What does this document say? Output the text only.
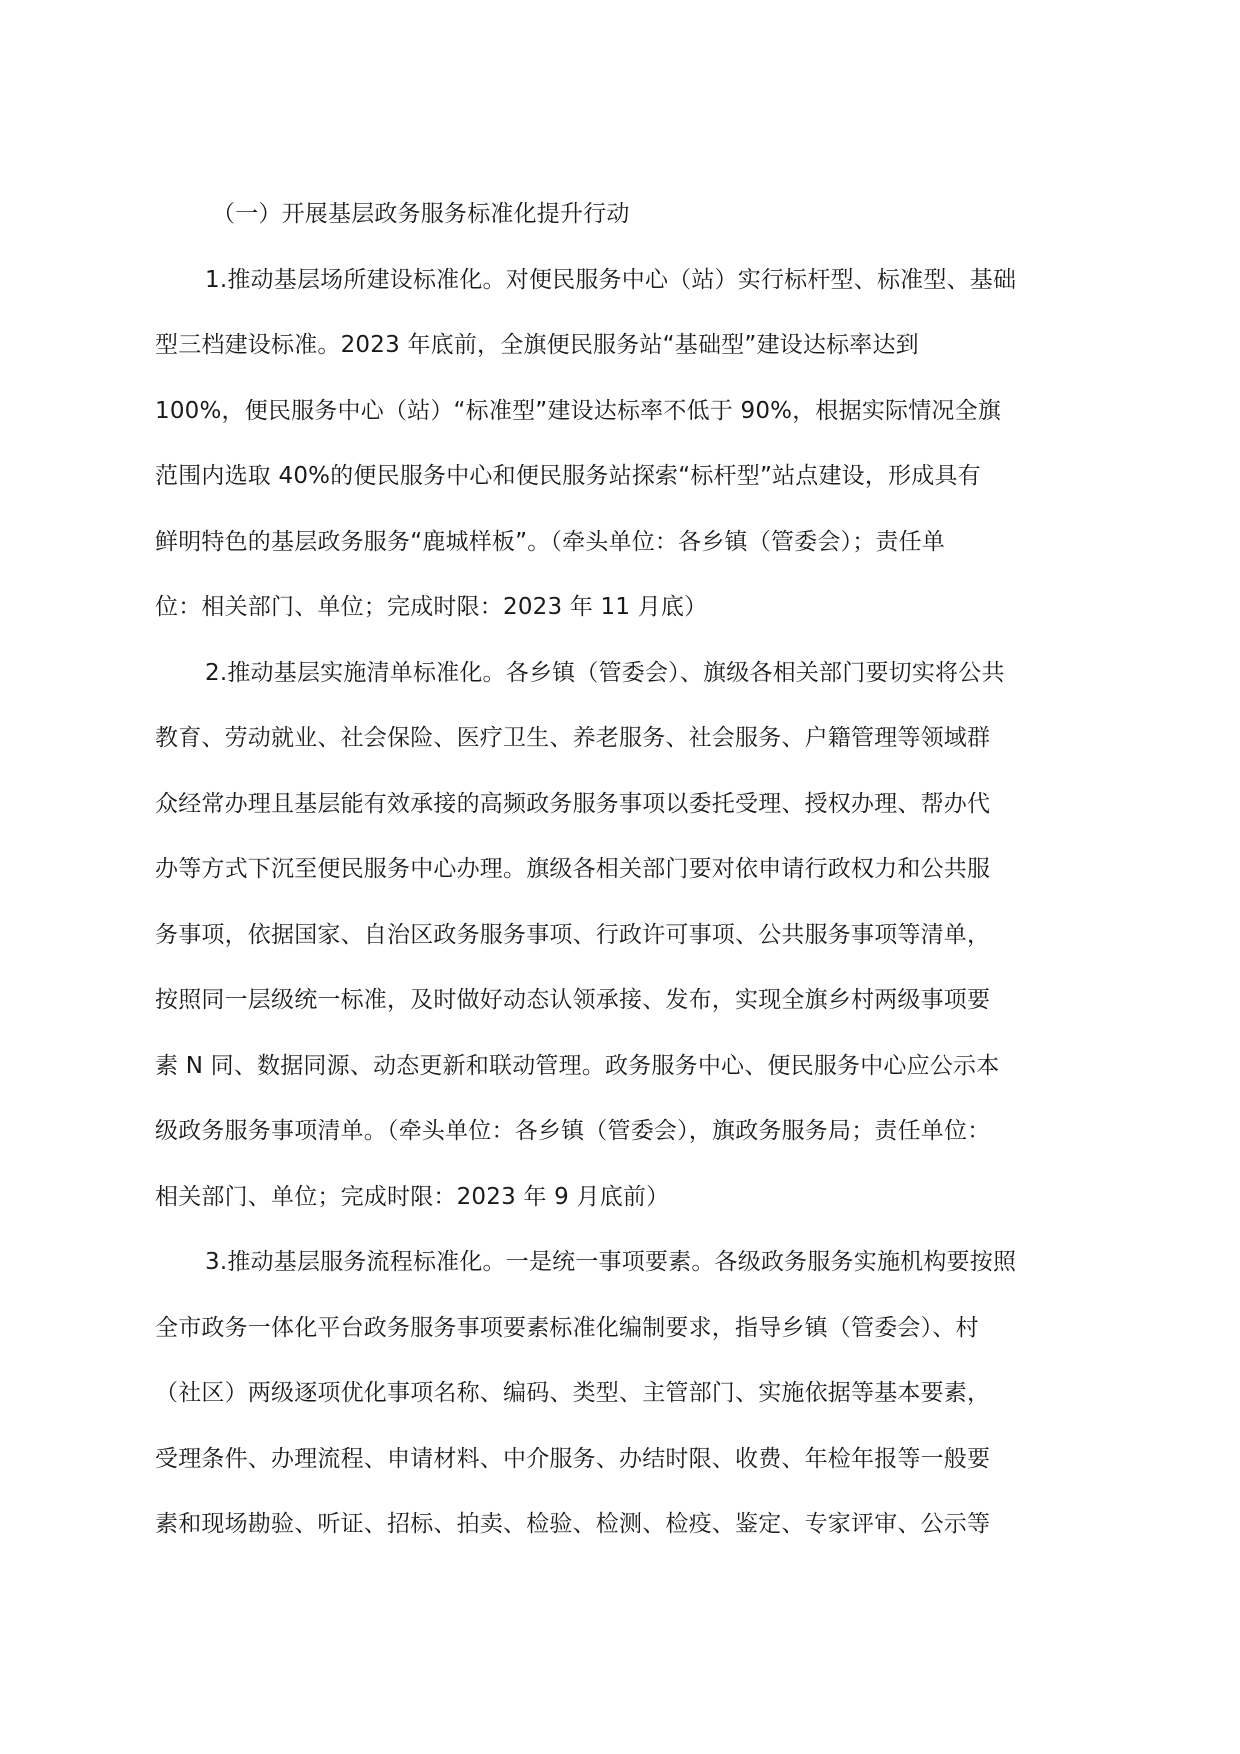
（一）开展基层政务服务标准化提升行动
1.推动基层场所建设标准化。对便民服务中心（站）实行标杆型、标准型、基础
型三档建设标准。2023 年底前，全旗便民服务站“基础型”建设达标率达到
100%，便民服务中心（站）“标准型”建设达标率不低于 90%，根据实际情况全旗
范围内选取 40%的便民服务中心和便民服务站探索“标杆型”站点建设，形成具有
鲜明特色的基层政务服务“鹿城样板”。（牵头单位：各乡镇（管委会）；责任单
位：相关部门、单位；完成时限：2023 年 11 月底）
2.推动基层实施清单标准化。各乡镇（管委会）、旗级各相关部门要切实将公共
教育、劳动就业、社会保险、医疗卫生、养老服务、社会服务、户籍管理等领域群
众经常办理且基层能有效承接的高频政务服务事项以委托受理、授权办理、帮办代
办等方式下沉至便民服务中心办理。旗级各相关部门要对依申请行政权力和公共服
务事项，依据国家、自治区政务服务事项、行政许可事项、公共服务事项等清单，
按照同一层级统一标准，及时做好动态认领承接、发布，实现全旗乡村两级事项要
素 N 同、数据同源、动态更新和联动管理。政务服务中心、便民服务中心应公示本
级政务服务事项清单。（牵头单位：各乡镇（管委会），旗政务服务局；责任单位：
相关部门、单位；完成时限：2023 年 9 月底前）
3.推动基层服务流程标准化。一是统一事项要素。各级政务服务实施机构要按照
全市政务一体化平台政务服务事项要素标准化编制要求，指导乡镇（管委会）、村
（社区）两级逐项优化事项名称、编码、类型、主管部门、实施依据等基本要素，
受理条件、办理流程、申请材料、中介服务、办结时限、收费、年检年报等一般要
素和现场勘验、听证、招标、拍卖、检验、检测、检疫、鉴定、专家评审、公示等
